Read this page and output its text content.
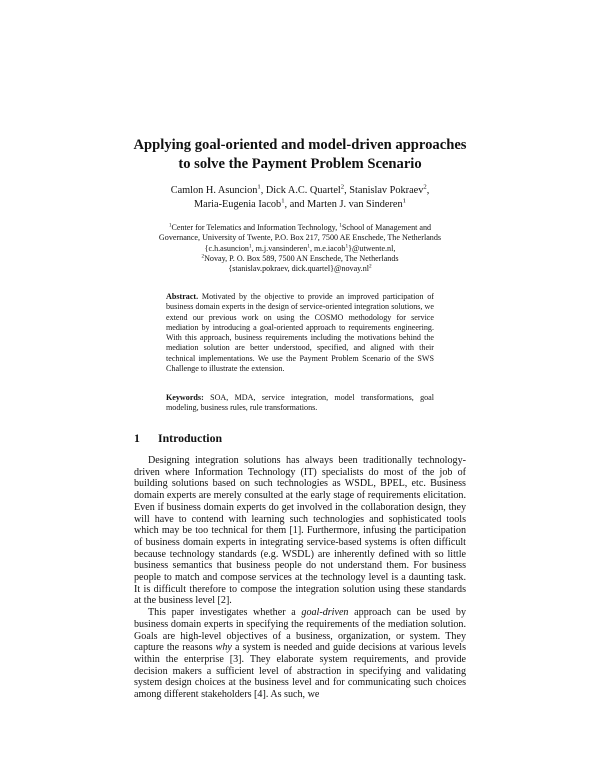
Applying goal-oriented and model-driven approaches
to solve the Payment Problem Scenario
Camlon H. Asuncion$^1$, Dick A.C. Quartel$^2$, Stanislav Pokraev$^2$,
Maria-Eugenia Iacob$^1$, and Marten J. van Sinderen$^1$
$^1$Center for Telematics and Information Technology, $^1$School of Management and
Governance, University of Twente, P.O. Box 217, 7500 AE Enschede, The Netherlands
{c.h.asuncion$^1$, m.j.vansinderen$^1$, m.e.iacob$^1$}@utwente.nl,
$^2$Novay, P. O. Box 589, 7500 AN Enschede, The Netherlands
{stanislav.pokraev, $dick.quartel\}@novay.nl^2$
Abstract. Motivated by the objective to provide an improved participation of business domain experts in the design of service-oriented integration solutions, we extend our previous work on using the COSMO methodology for service mediation by introducing a goal-oriented approach to requirements engineering. With this approach, business requirements including the motivations behind the mediation solution are better understood, specified, and aligned with their technical implementations. We use the Payment Problem Scenario of the SWS Challenge to illustrate the extension.
Keywords: SOA, MDA, service integration, model transformations, goal modeling, business rules, rule transformations.
1 Introduction

Designing integration solutions has always been traditionally technology-driven where Information Technology (IT) specialists do most of the job of building solutions based on such technologies as WSDL, BPEL, etc. Business domain experts are merely consulted at the early stage of requirements elicitation. Even if business domain experts do get involved in the collaboration design, they will have to contend with learning such technologies and sophisticated tools which may be too technical for them [1]. Furthermore, infusing the participation of business domain experts in integrating service-based systems is often difficult because technology standards (e.g. WSDL) are inherently defined with so little business semantics that business people do not understand them. For business people to match and compose services at the technology level is a daunting task. It is difficult therefore to compose the integration solution using these standards at the business level [2].

This paper investigates whether a goal-driven approach can be used by business domain experts in specifying the requirements of the mediation solution. Goals are high-level objectives of a business, organization, or system. They capture the reasons why a system is needed and guide decisions at various levels within the enterprise [3]. They elaborate system requirements, and provide decision makers a sufficient level of abstraction in specifying and validating system design choices at the business level and for communicating such choices among different stakeholders [4]. As such, we
